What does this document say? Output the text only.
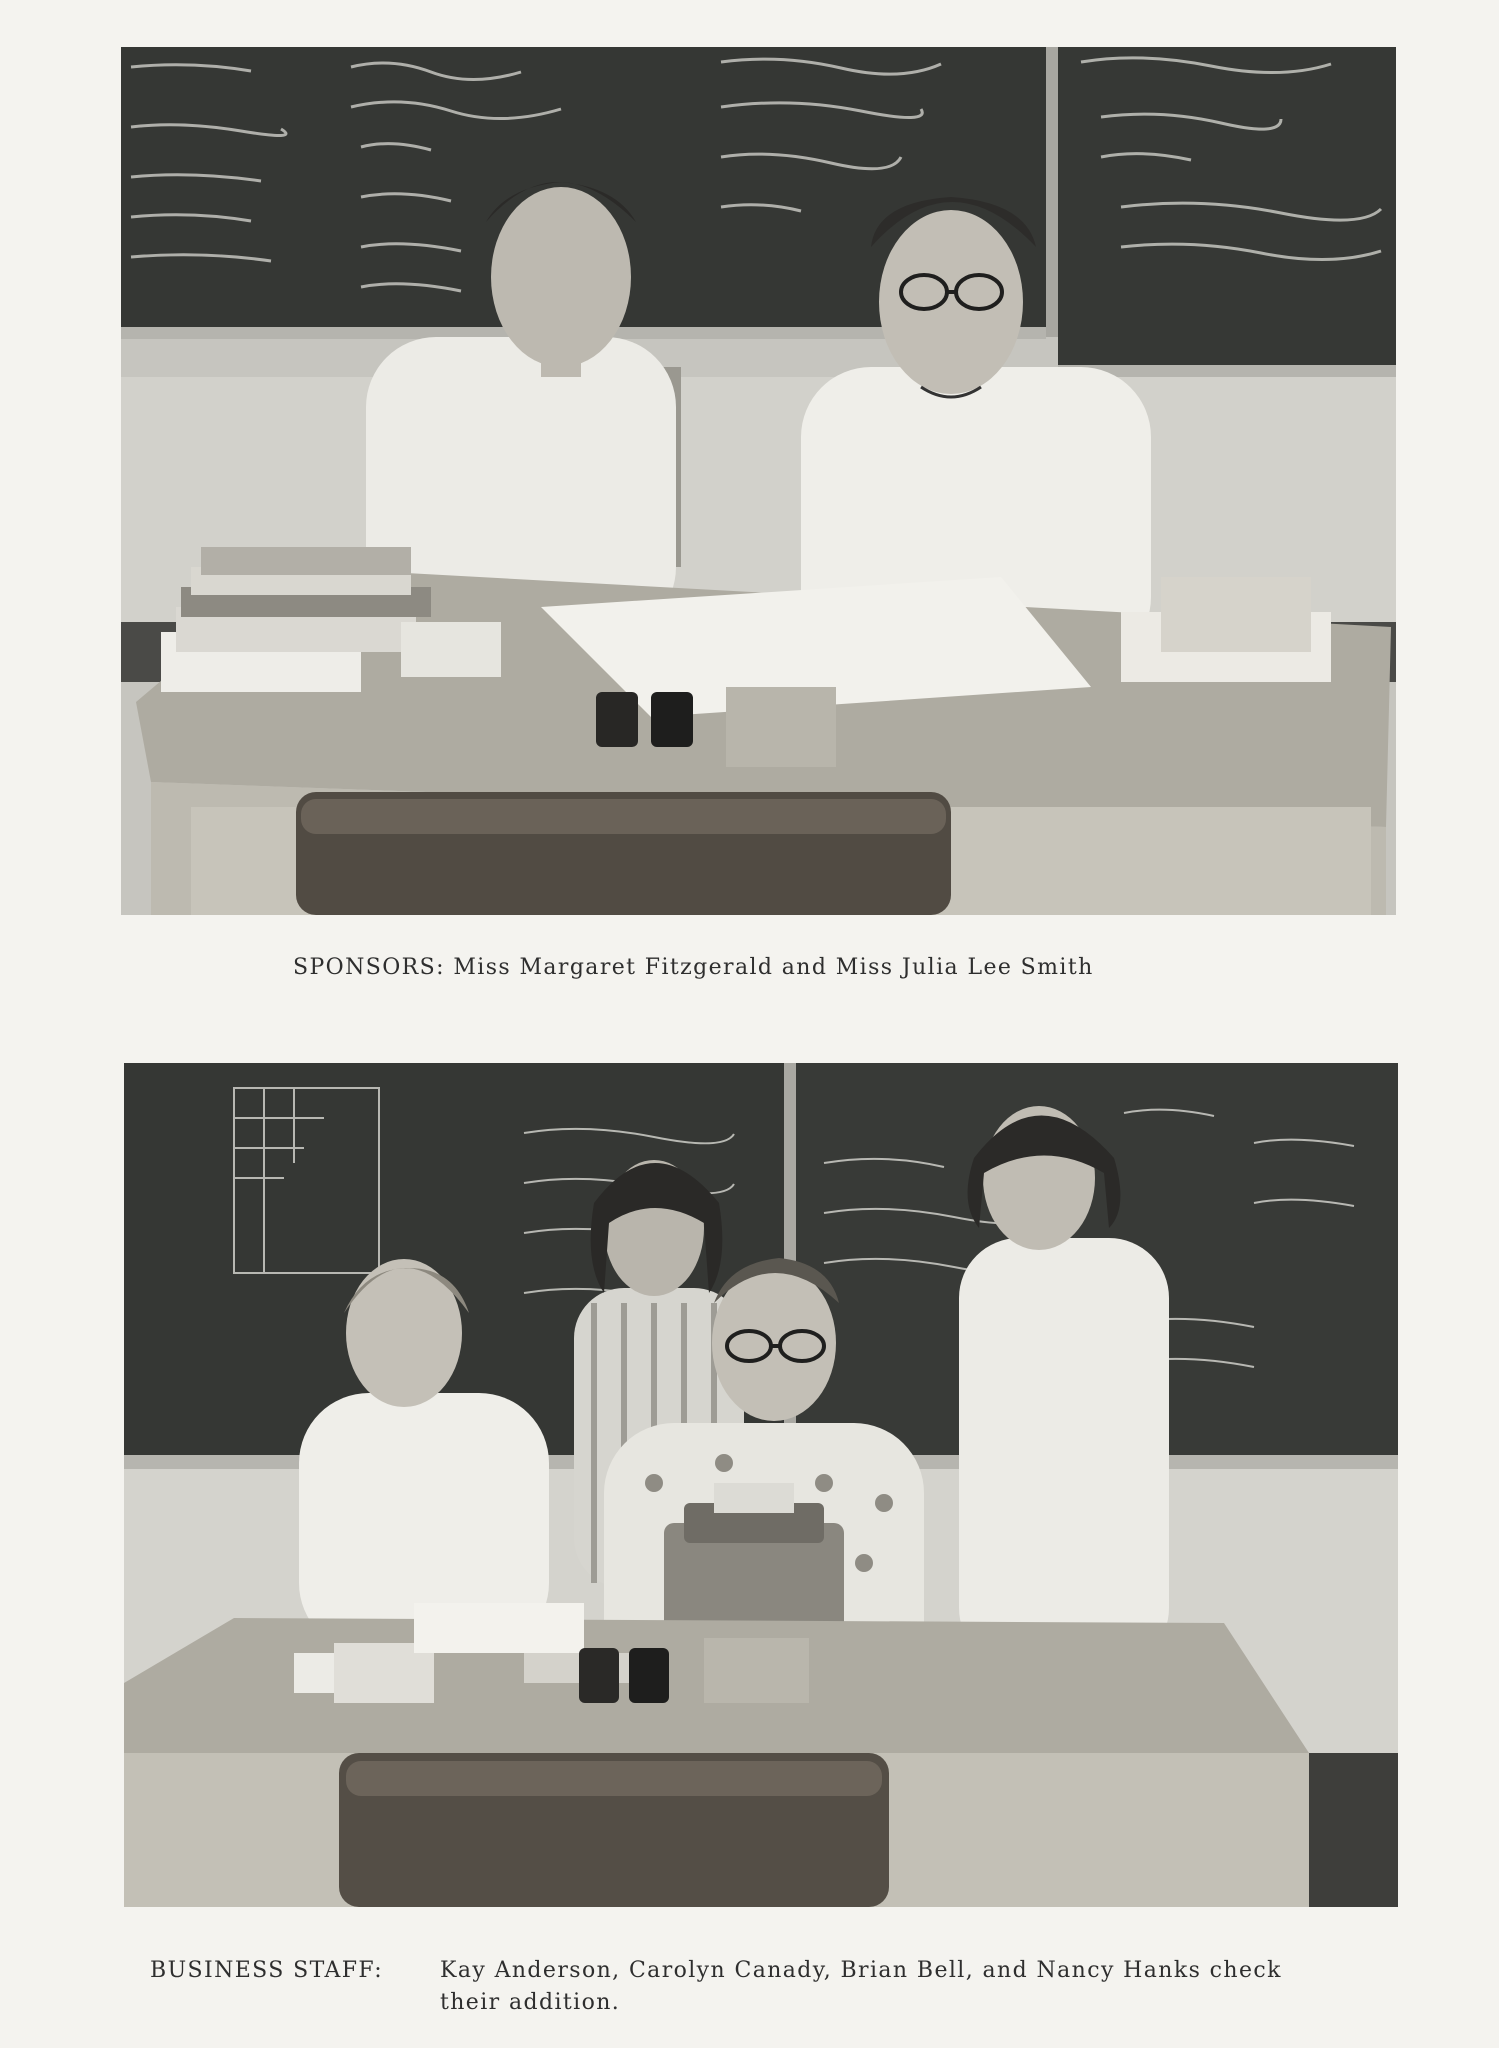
SPONSORS: Miss Margaret Fitzgerald and Miss Julia Lee Smith
BUSINESS STAFF:	Kay Anderson, Carolyn Canady, Brian Bell, and Nancy Hanks check
their addition.
